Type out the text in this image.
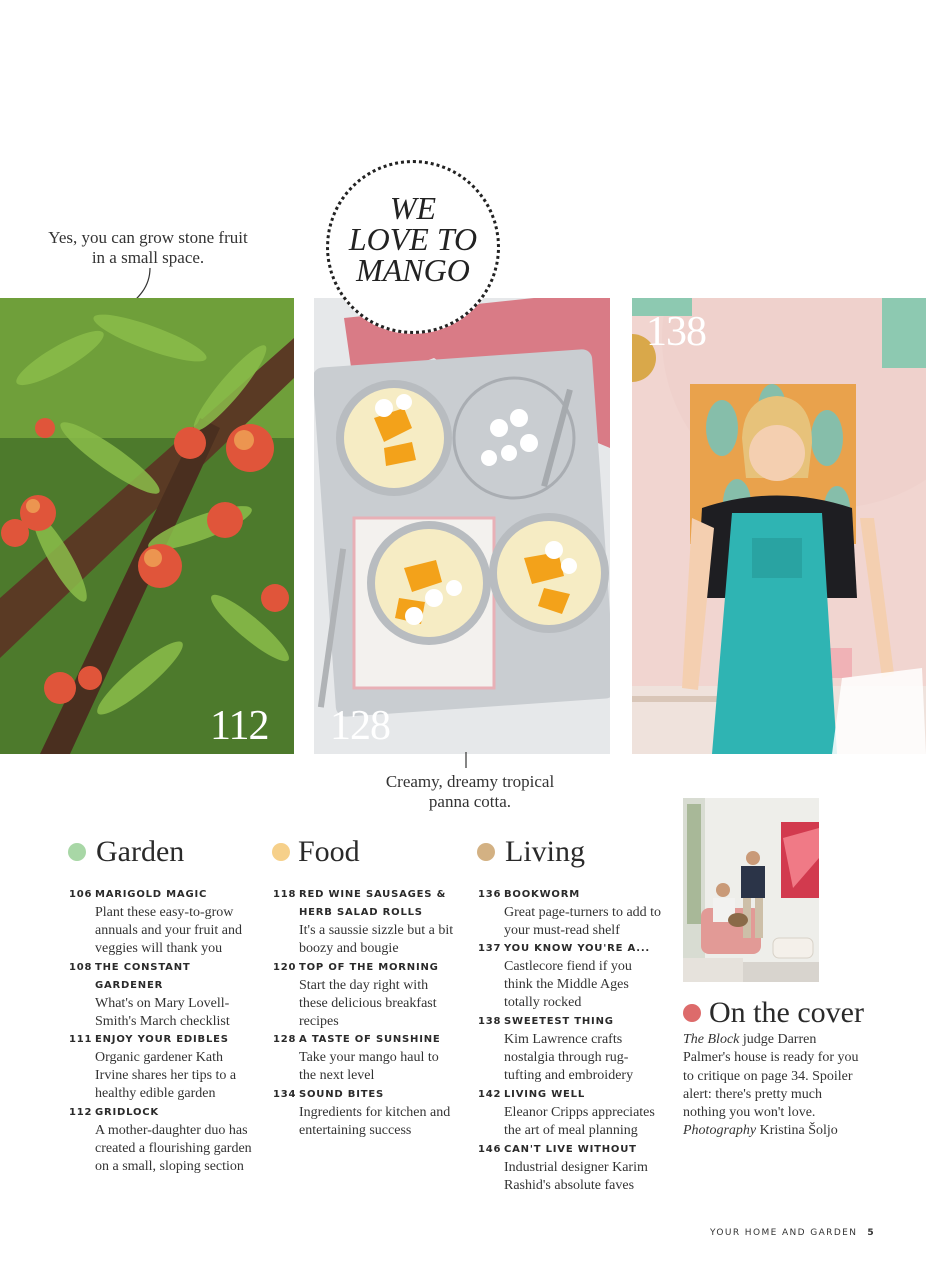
Yes, you can grow stone fruit in a small space.
112 128
WE
LOVE TO
MANGO
138
Creamy, dreamy tropical panna cotta.
Garden
106 MARIGOLD MAGIC
Plant these easy-to-grow annuals and your fruit and veggies will thank you
108 THE CONSTANT GARDENER
What's on Mary Lovell-Smith's March checklist
111 ENJOY YOUR EDIBLES
Organic gardener Kath Irvine shares her tips to a healthy edible garden
112 GRIDLOCK
A mother-daughter duo has created a flourishing garden on a small, sloping section
Food
118 RED WINE SAUSAGES & HERB SALAD ROLLS
It's a saussie sizzle but a bit boozy and bougie
120 TOP OF THE MORNING
Start the day right with these delicious breakfast recipes
128 A TASTE OF SUNSHINE
Take your mango haul to the next level
134 SOUND BITES
Ingredients for kitchen and entertaining success
Living
136 BOOKWORM
Great page-turners to add to your must-read shelf
137 YOU KNOW YOU'RE A...
Castlecore fiend if you think the Middle Ages totally rocked
138 SWEETEST THING
Kim Lawrence crafts nostalgia through rug-tufting and embroidery
142 LIVING WELL
Eleanor Cripps appreciates the art of meal planning
146 CAN'T LIVE WITHOUT
Industrial designer Karim Rashid's absolute faves
On the cover
The Block judge Darren Palmer's house is ready for you to critique on page 34. Spoiler alert: there's pretty much nothing you won't love. Photography Kristina Šoljo
YOUR HOME AND GARDEN 5
